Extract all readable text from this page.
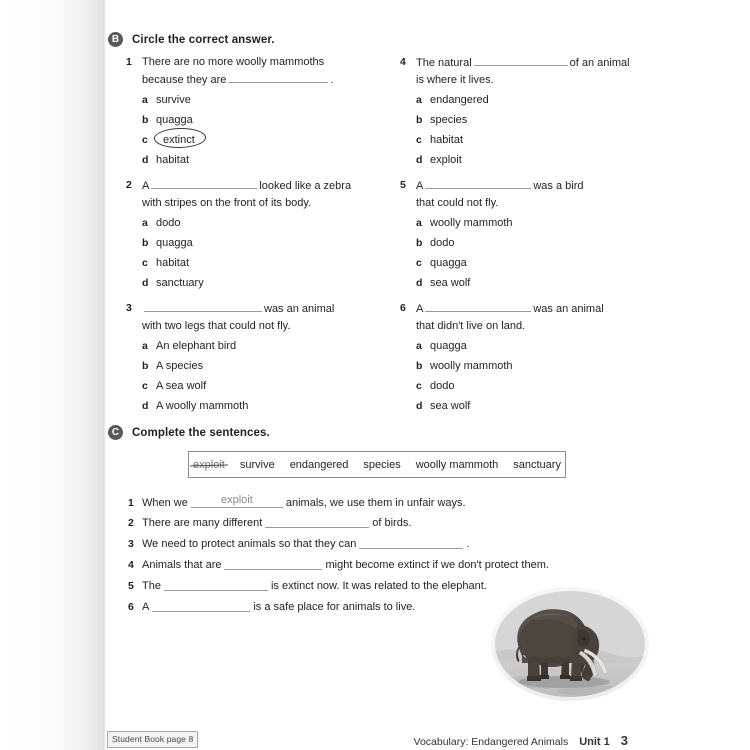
B	Circle the correct answer.
1 There are no more woolly mammoths
because they are	.
a survive
b quagga
c	extinct
d habitat
2 A	looked like a zebra
with stripes on the front of its body.
a dodo
b quagga
c habitat
d sanctuary
3	was an animal
with two legs that could not fly.
a An elephant bird
b A species
c A sea wolf
d A woolly mammoth
4 The natural	of an animal
is where it lives.
a endangered
b species
c habitat
d exploit
5 A	was a bird
that could not fly.
a woolly mammoth
b dodo
c quagga
d sea wolf
6 A	was an animal
that didn't live on land.
a quagga
b woolly mammoth
c dodo
d sea wolf
C	Complete the sentences.
exploit survive endangered species woolly mammoth sanctuary
1 When we	exploit	animals, we use them in unfair ways.
2 There are many different	of birds.
3 We need to protect animals so that they can	.
4 Animals that are	might become extinct if we don't protect them.
5 The	is extinct now. It was related to the elephant.
6 A	is a safe place for animals to live.
Student Book page 8	Vocabulary: Endangered Animals Unit 1 3
